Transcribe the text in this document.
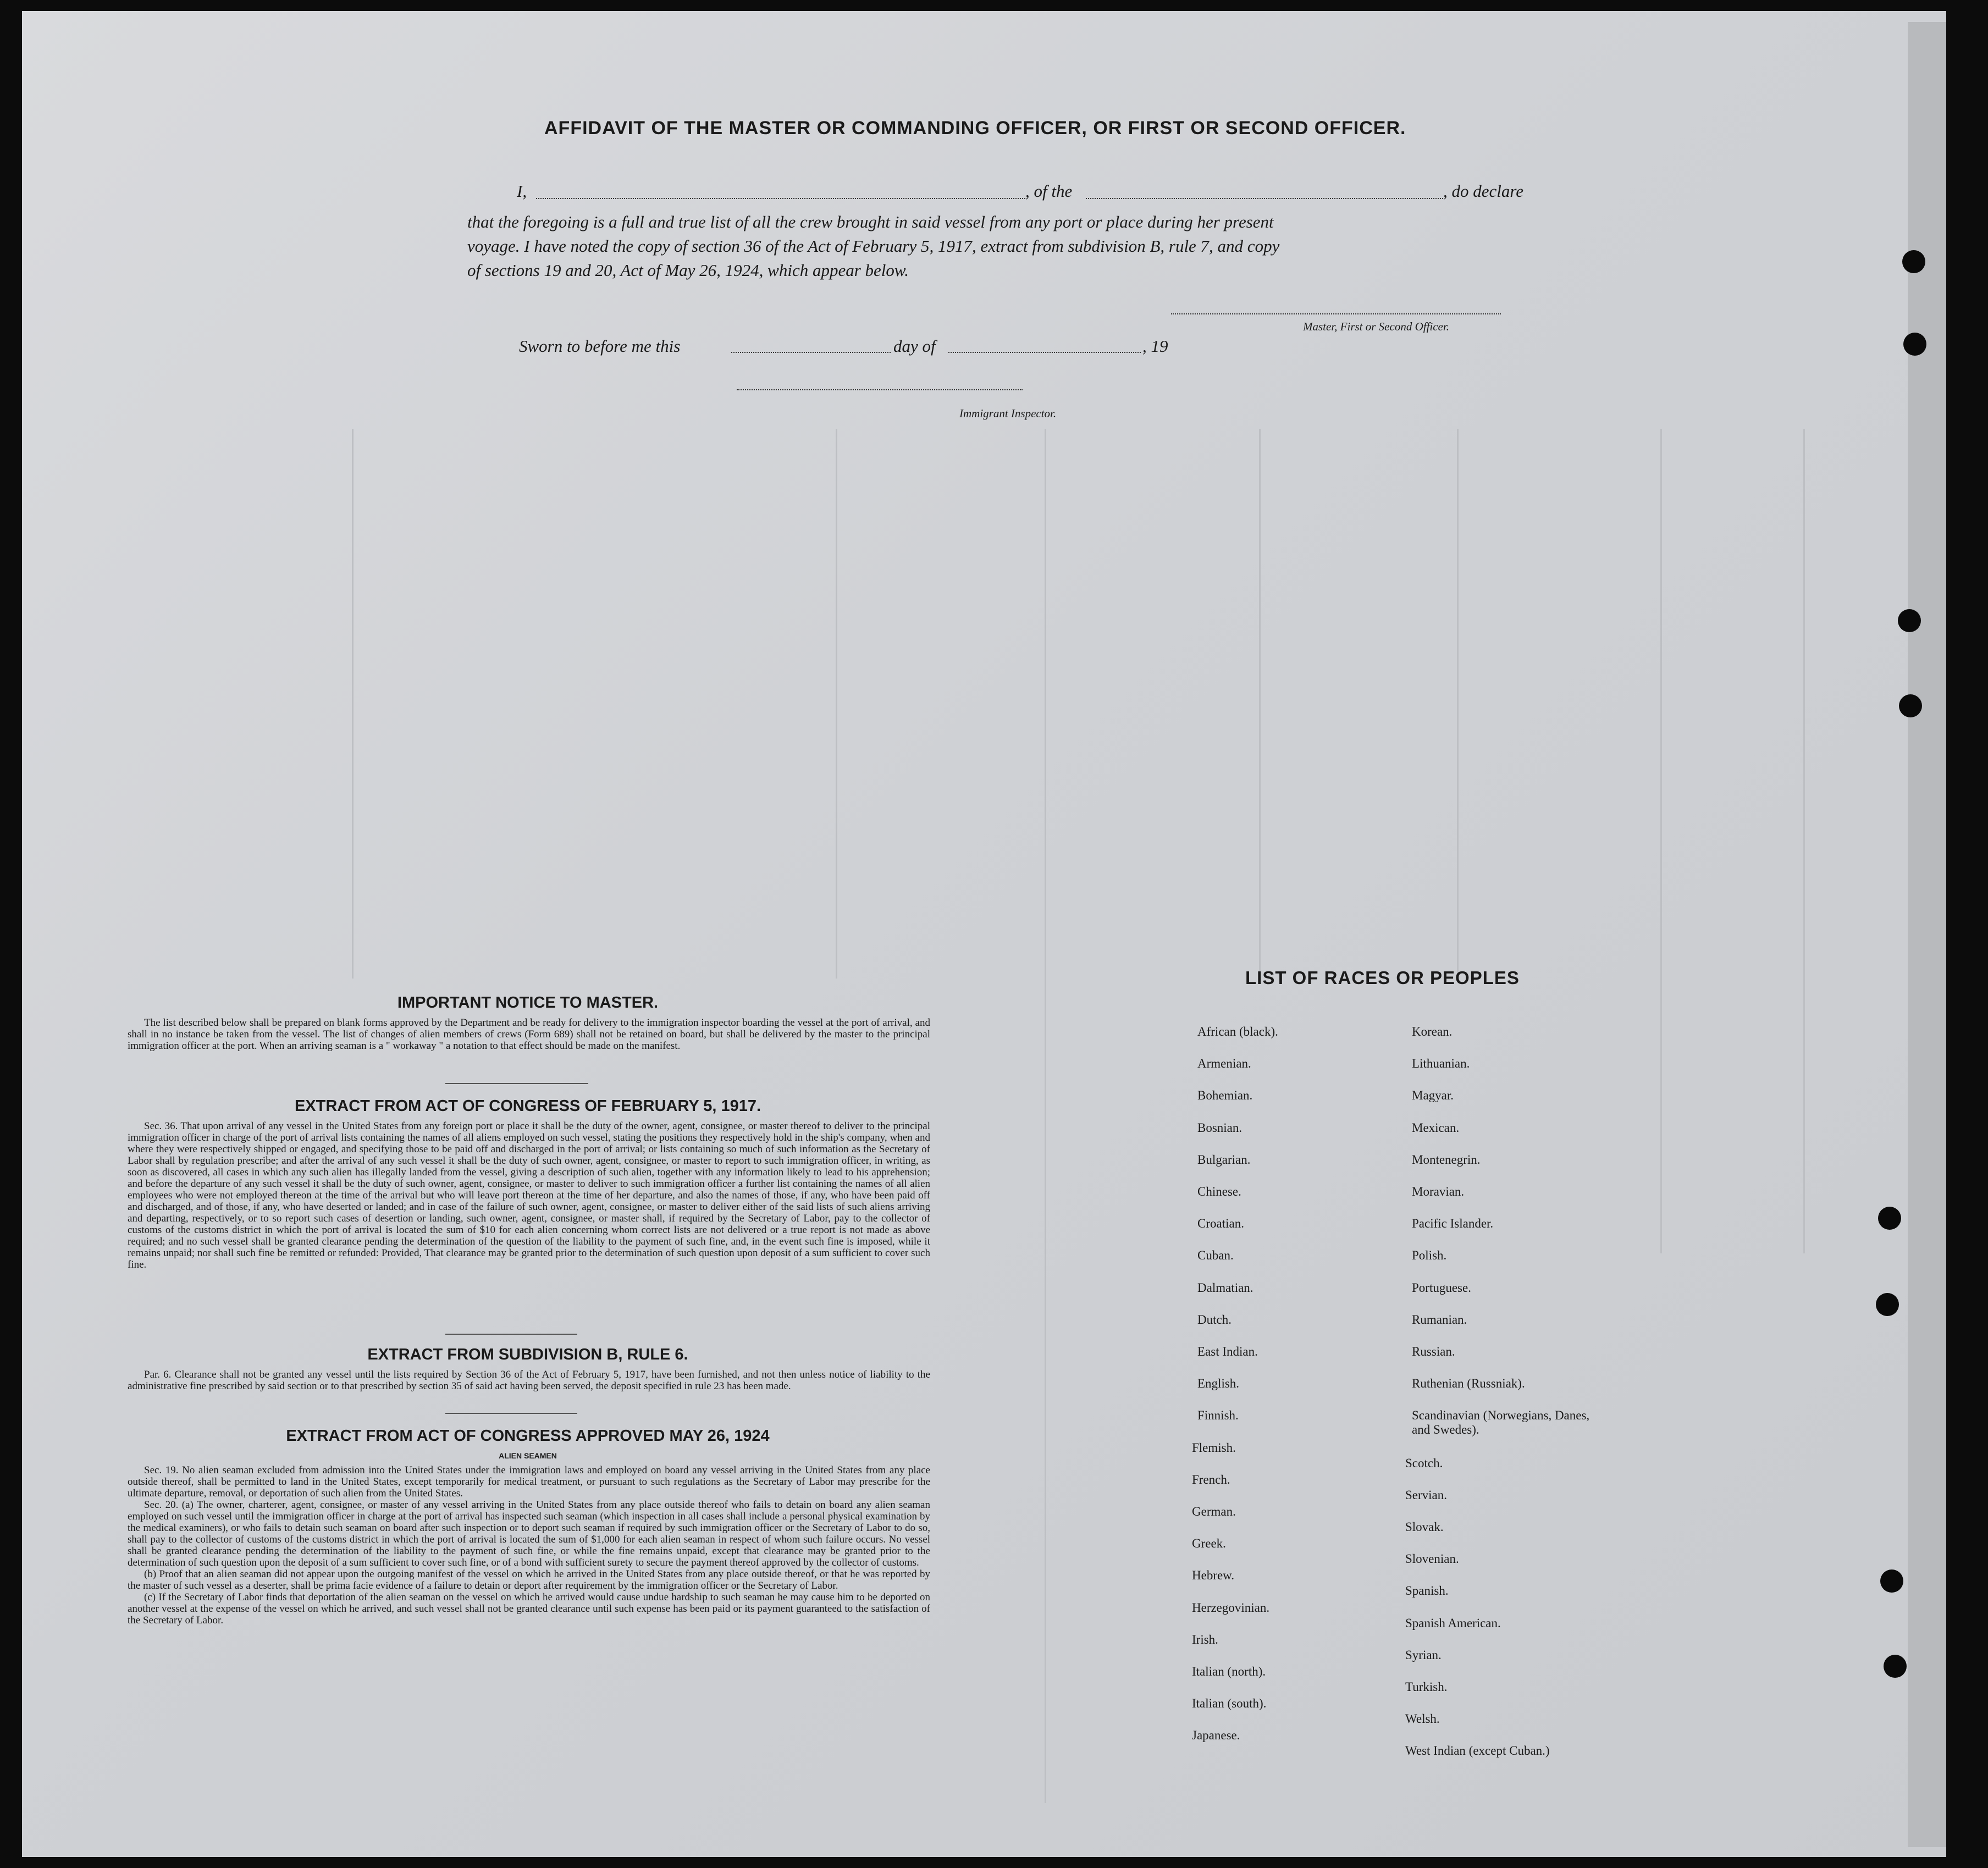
AFFIDAVIT OF THE MASTER OR COMMANDING OFFICER, OR FIRST OR SECOND OFFICER.
I,	, of the	, do declare
that the foregoing is a full and true list of all the crew brought in said vessel from any port or place during her present
voyage. I have noted the copy of section 36 of the Act of February 5, 1917, extract from subdivision B, rule 7, and copy
of sections 19 and 20, Act of May 26, 1924, which appear below.
Master, First or Second Officer.
Sworn to before me this	day of	, 19
Immigrant Inspector.
IMPORTANT NOTICE TO MASTER.

The list described below shall be prepared on blank forms approved by the Department and be ready for delivery to the immigration inspector boarding the vessel at the port of arrival, and shall in no instance be taken from the vessel. The list of changes of alien members of crews (Form 689) shall not be retained on board, but shall be delivered by the master to the principal immigration officer at the port. When an arriving seaman is a " workaway " a notation to that effect should be made on the manifest.

EXTRACT FROM ACT OF CONGRESS OF FEBRUARY 5, 1917.

Sec. 36. That upon arrival of any vessel in the United States from any foreign port or place it shall be the duty of the owner, agent, consignee, or master thereof to deliver to the principal immigration officer in charge of the port of arrival lists containing the names of all aliens employed on such vessel, stating the positions they respectively hold in the ship's company, when and where they were respectively shipped or engaged, and specifying those to be paid off and discharged in the port of arrival; or lists containing so much of such information as the Secretary of Labor shall by regulation prescribe; and after the arrival of any such vessel it shall be the duty of such owner, agent, consignee, or master to report to such immigration officer, in writing, as soon as discovered, all cases in which any such alien has illegally landed from the vessel, giving a description of such alien, together with any information likely to lead to his apprehension; and before the departure of any such vessel it shall be the duty of such owner, agent, consignee, or master to deliver to such immigration officer a further list containing the names of all alien employees who were not employed thereon at the time of the arrival but who will leave port thereon at the time of her departure, and also the names of those, if any, who have been paid off and discharged, and of those, if any, who have deserted or landed; and in case of the failure of such owner, agent, consignee, or master to deliver either of the said lists of such aliens arriving and departing, respectively, or to so report such cases of desertion or landing, such owner, agent, consignee, or master shall, if required by the Secretary of Labor, pay to the collector of customs of the customs district in which the port of arrival is located the sum of $10 for each alien concerning whom correct lists are not delivered or a true report is not made as above required; and no such vessel shall be granted clearance pending the determination of the question of the liability to the payment of such fine, and, in the event such fine is imposed, while it remains unpaid; nor shall such fine be remitted or refunded: Provided, That clearance may be granted prior to the determination of such question upon deposit of a sum sufficient to cover such fine.

EXTRACT FROM SUBDIVISION B, RULE 6.

Par. 6. Clearance shall not be granted any vessel until the lists required by Section 36 of the Act of February 5, 1917, have been furnished, and not then unless notice of liability to the administrative fine prescribed by said section or to that prescribed by section 35 of said act having been served, the deposit specified in rule 23 has been made.

EXTRACT FROM ACT OF CONGRESS APPROVED MAY 26, 1924
ALIEN SEAMEN

Sec. 19. No alien seaman excluded from admission into the United States under the immigration laws and employed on board any vessel arriving in the United States from any place outside thereof, shall be permitted to land in the United States, except temporarily for medical treatment, or pursuant to such regulations as the Secretary of Labor may prescribe for the ultimate departure, removal, or deportation of such alien from the United States.

Sec. 20. (a) The owner, charterer, agent, consignee, or master of any vessel arriving in the United States from any place outside thereof who fails to detain on board any alien seaman employed on such vessel until the immigration officer in charge at the port of arrival has inspected such seaman (which inspection in all cases shall include a personal physical examination by the medical examiners), or who fails to detain such seaman on board after such inspection or to deport such seaman if required by such immigration officer or the Secretary of Labor to do so, shall pay to the collector of customs of the customs district in which the port of arrival is located the sum of $1,000 for each alien seaman in respect of whom such failure occurs. No vessel shall be granted clearance pending the determination of the liability to the payment of such fine, or while the fine remains unpaid, except that clearance may be granted prior to the determination of such question upon the deposit of a sum sufficient to cover such fine, or of a bond with sufficient surety to secure the payment thereof approved by the collector of customs.

(b) Proof that an alien seaman did not appear upon the outgoing manifest of the vessel on which he arrived in the United States from any place outside thereof, or that he was reported by the master of such vessel as a deserter, shall be prima facie evidence of a failure to detain or deport after requirement by the immigration officer or the Secretary of Labor.

(c) If the Secretary of Labor finds that deportation of the alien seaman on the vessel on which he arrived would cause undue hardship to such seaman he may cause him to be deported on another vessel at the expense of the vessel on which he arrived, and such vessel shall not be granted clearance until such expense has been paid or its payment guaranteed to the satisfaction of the Secretary of Labor.

LIST OF RACES OR PEOPLES
African (black).
Armenian.
Bohemian.
Bosnian.
Bulgarian.
Chinese.
Croatian.
Cuban.
Dalmatian.
Dutch.
East Indian.
English.
Finnish.
Flemish.
French.
German.
Greek.
Hebrew.
Herzegovinian.
Irish.
Italian (north).
Italian (south).
Japanese.
Korean.
Lithuanian.
Magyar.
Mexican.
Montenegrin.
Moravian.
Pacific Islander.
Polish.
Portuguese.
Rumanian.
Russian.
Ruthenian (Russniak).
Scandinavian (Norwegians, Danes, and Swedes).
Scotch.
Servian.
Slovak.
Slovenian.
Spanish.
Spanish American.
Syrian.
Turkish.
Welsh.
West Indian (except Cuban.)
